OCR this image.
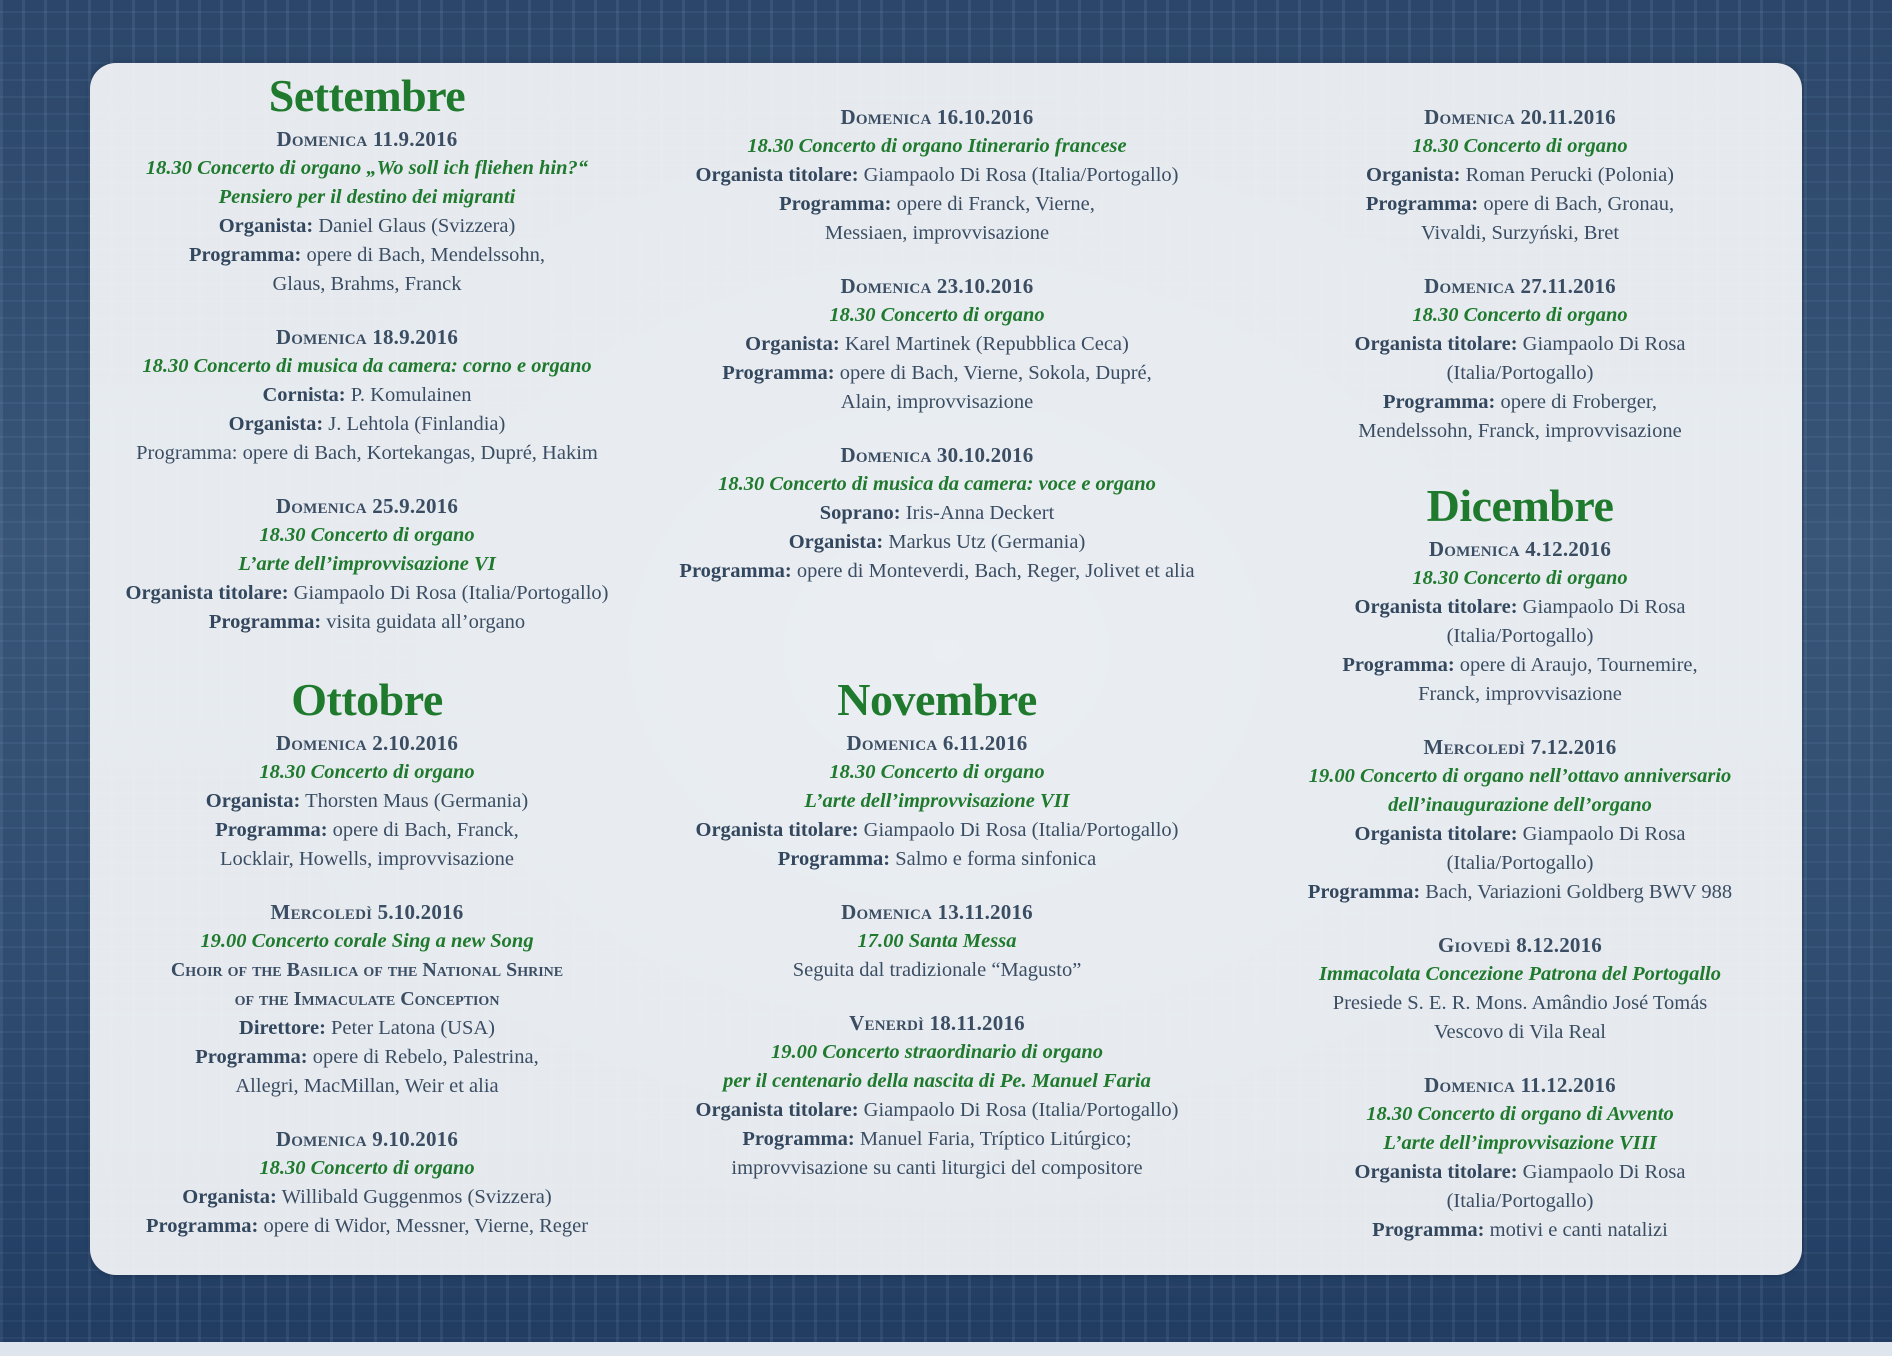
Settembre
Domenica 11.9.2016
18.30 Concerto di organo „Wo soll ich fliehen hin?“
Pensiero per il destino dei migranti
Organista: Daniel Glaus (Svizzera)
Programma: opere di Bach, Mendelssohn,
Glaus, Brahms, Franck
Domenica 18.9.2016
18.30 Concerto di musica da camera: corno e organo
Cornista: P. Komulainen
Organista: J. Lehtola (Finlandia)
Programma: opere di Bach, Kortekangas, Dupré, Hakim
Domenica 25.9.2016
18.30 Concerto di organo
L’arte dell’improvvisazione VI
Organista titolare: Giampaolo Di Rosa (Italia/Portogallo)
Programma: visita guidata all’organo
Ottobre
Domenica 2.10.2016
18.30 Concerto di organo
Organista: Thorsten Maus (Germania)
Programma: opere di Bach, Franck,
Locklair, Howells, improvvisazione
Mercoledì 5.10.2016
19.00 Concerto corale Sing a new Song
Choir of the Basilica of the National Shrine
of the Immaculate Conception
Direttore: Peter Latona (USA)
Programma: opere di Rebelo, Palestrina,
Allegri, MacMillan, Weir et alia
Domenica 9.10.2016
18.30 Concerto di organo
Organista: Willibald Guggenmos (Svizzera)
Programma: opere di Widor, Messner, Vierne, Reger
Domenica 16.10.2016
18.30 Concerto di organo Itinerario francese
Organista titolare: Giampaolo Di Rosa (Italia/Portogallo)
Programma: opere di Franck, Vierne,
Messiaen, improvvisazione
Domenica 23.10.2016
18.30 Concerto di organo
Organista: Karel Martinek (Repubblica Ceca)
Programma: opere di Bach, Vierne, Sokola, Dupré,
Alain, improvvisazione
Domenica 30.10.2016
18.30 Concerto di musica da camera: voce e organo
Soprano: Iris-Anna Deckert
Organista: Markus Utz (Germania)
Programma: opere di Monteverdi, Bach, Reger, Jolivet et alia
Novembre
Domenica 6.11.2016
18.30 Concerto di organo
L’arte dell’improvvisazione VII
Organista titolare: Giampaolo Di Rosa (Italia/Portogallo)
Programma: Salmo e forma sinfonica
Domenica 13.11.2016
17.00 Santa Messa
Seguita dal tradizionale “Magusto”
Venerdì 18.11.2016
19.00 Concerto straordinario di organo
per il centenario della nascita di Pe. Manuel Faria
Organista titolare: Giampaolo Di Rosa (Italia/Portogallo)
Programma: Manuel Faria, Tríptico Litúrgico;
improvvisazione su canti liturgici del compositore
Domenica 20.11.2016
18.30 Concerto di organo
Organista: Roman Perucki (Polonia)
Programma: opere di Bach, Gronau,
Vivaldi, Surzyński, Bret
Domenica 27.11.2016
18.30 Concerto di organo
Organista titolare: Giampaolo Di Rosa
(Italia/Portogallo)
Programma: opere di Froberger,
Mendelssohn, Franck, improvvisazione
Dicembre
Domenica 4.12.2016
18.30 Concerto di organo
Organista titolare: Giampaolo Di Rosa
(Italia/Portogallo)
Programma: opere di Araujo, Tournemire,
Franck, improvvisazione
Mercoledì 7.12.2016
19.00 Concerto di organo nell’ottavo anniversario
dell’inaugurazione dell’organo
Organista titolare: Giampaolo Di Rosa
(Italia/Portogallo)
Programma: Bach, Variazioni Goldberg BWV 988
Giovedì 8.12.2016
Immacolata Concezione Patrona del Portogallo
Presiede S. E. R. Mons. Amândio José Tomás
Vescovo di Vila Real
Domenica 11.12.2016
18.30 Concerto di organo di Avvento
L’arte dell’improvvisazione VIII
Organista titolare: Giampaolo Di Rosa
(Italia/Portogallo)
Programma: motivi e canti natalizi
